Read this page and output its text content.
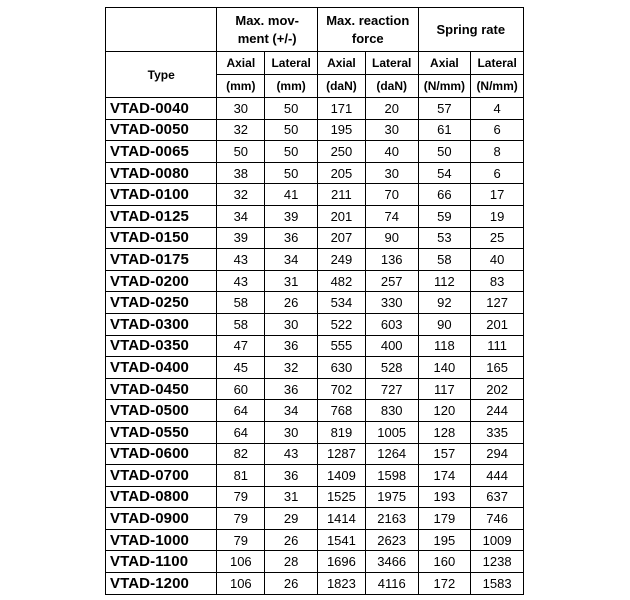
	Max. mov-
ment (+/-)		Max. reaction
force		Spring rate	
Type	Axial	Lateral	Axial	Lateral	Axial	Lateral
	(mm)	(mm)	(daN)	(daN)	(N/mm)	(N/mm)
VTAD-0040	30	50	171	20	57	4
VTAD-0050	32	50	195	30	61	6
VTAD-0065	50	50	250	40	50	8
VTAD-0080	38	50	205	30	54	6
VTAD-0100	32	41	211	70	66	17
VTAD-0125	34	39	201	74	59	19
VTAD-0150	39	36	207	90	53	25
VTAD-0175	43	34	249	136	58	40
VTAD-0200	43	31	482	257	112	83
VTAD-0250	58	26	534	330	92	127
VTAD-0300	58	30	522	603	90	201
VTAD-0350	47	36	555	400	118	111
VTAD-0400	45	32	630	528	140	165
VTAD-0450	60	36	702	727	117	202
VTAD-0500	64	34	768	830	120	244
VTAD-0550	64	30	819	1005	128	335
VTAD-0600	82	43	1287	1264	157	294
VTAD-0700	81	36	1409	1598	174	444
VTAD-0800	79	31	1525	1975	193	637
VTAD-0900	79	29	1414	2163	179	746
VTAD-1000	79	26	1541	2623	195	1009
VTAD-1100	106	28	1696	3466	160	1238
VTAD-1200	106	26	1823	4116	172	1583
